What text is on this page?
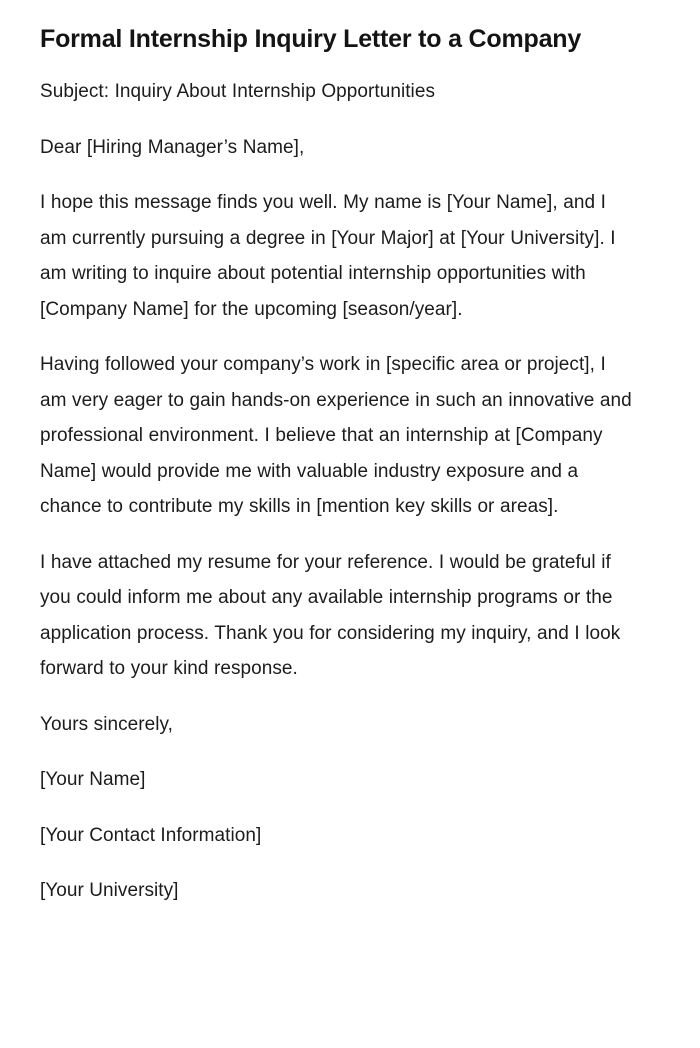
Formal Internship Inquiry Letter to a Company

Subject: Inquiry About Internship Opportunities

Dear [Hiring Manager’s Name],

I hope this message finds you well. My name is [Your Name], and I am currently pursuing a degree in [Your Major] at [Your University]. I am writing to inquire about potential internship opportunities with [Company Name] for the upcoming [season/year].

Having followed your company’s work in [specific area or project], I am very eager to gain hands-on experience in such an innovative and professional environment. I believe that an internship at [Company Name] would provide me with valuable industry exposure and a chance to contribute my skills in [mention key skills or areas].

I have attached my resume for your reference. I would be grateful if you could inform me about any available internship programs or the application process. Thank you for considering my inquiry, and I look forward to your kind response.

Yours sincerely,

[Your Name]

[Your Contact Information]

[Your University]
